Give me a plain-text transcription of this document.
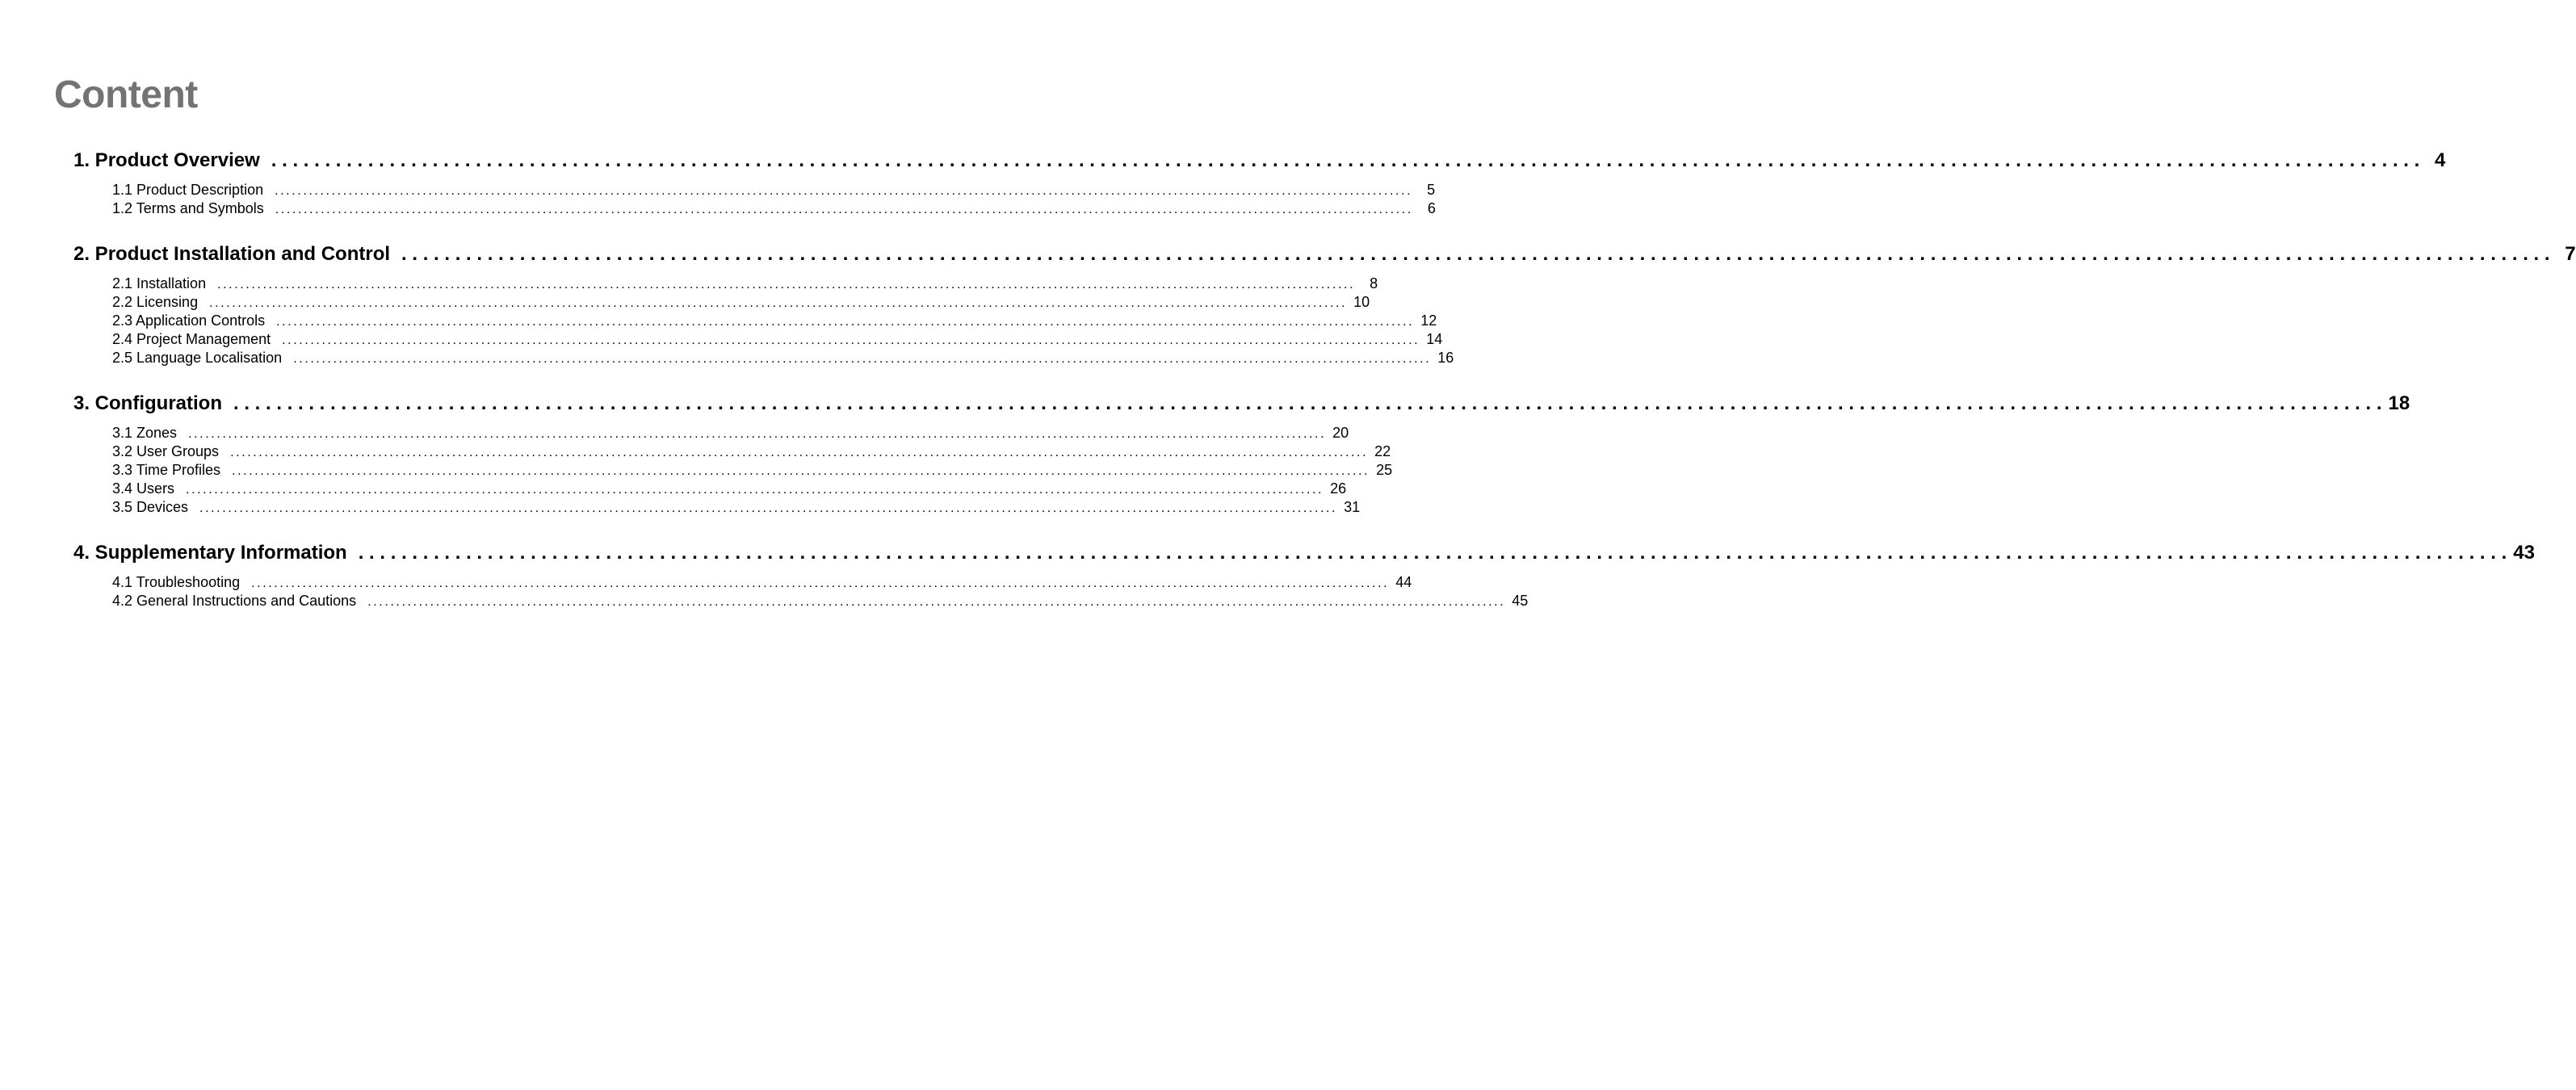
Content
1. Product Overview . . . . . . . . . . . . . . . . . . . . . . . . . . . . . . . . . . . . . . . . . . . . . . . . . . . . . . . . . . . . . . . . . . . . . . . . . . . . . . . . . . . . . . . . . . . . . . . . . . . . . . . . . . . . . . . . . . . . . . . . . . . . . . . . . . . . . . . . . . . . . . . . . . . . . . . . . . . . . . . . . . . . . . . . . . . . . . . . . . . . . . . . . . . . . . . . . . . . . . . . 4
1.1 Product Description ........................................................................................................................................................................................................ 5
1.2 Terms and Symbols ........................................................................................................................................................................................................ 6
2. Product Installation and Control . . . . . . . . . . . . . . . . . . . . . . . . . . . . . . . . . . . . . . . . . . . . . . . . . . . . . . . . . . . . . . . . . . . . . . . . . . . . . . . . . . . . . . . . . . . . . . . . . . . . . . . . . . . . . . . . . . . . . . . . . . . . . . . . . . . . . . . . . . . . . . . . . . . . . . . . . . . . . . . . . . . . . . . . . . . . . . . . . . . . . . . . . . . . . . . . . . . . . . . . 7
2.1 Installation ........................................................................................................................................................................................................ 8
2.2 Licensing ........................................................................................................................................................................................................ 10
2.3 Application Controls ........................................................................................................................................................................................................ 12
2.4 Project Management ........................................................................................................................................................................................................ 14
2.5 Language Localisation ........................................................................................................................................................................................................ 16
3. Configuration . . . . . . . . . . . . . . . . . . . . . . . . . . . . . . . . . . . . . . . . . . . . . . . . . . . . . . . . . . . . . . . . . . . . . . . . . . . . . . . . . . . . . . . . . . . . . . . . . . . . . . . . . . . . . . . . . . . . . . . . . . . . . . . . . . . . . . . . . . . . . . . . . . . . . . . . . . . . . . . . . . . . . . . . . . . . . . . . . . . . . . . . . . . . . . . . . . . . . . . . 18
3.1 Zones ........................................................................................................................................................................................................ 20
3.2 User Groups ........................................................................................................................................................................................................ 22
3.3 Time Profiles ........................................................................................................................................................................................................ 25
3.4 Users ........................................................................................................................................................................................................ 26
3.5 Devices ........................................................................................................................................................................................................ 31
4. Supplementary Information . . . . . . . . . . . . . . . . . . . . . . . . . . . . . . . . . . . . . . . . . . . . . . . . . . . . . . . . . . . . . . . . . . . . . . . . . . . . . . . . . . . . . . . . . . . . . . . . . . . . . . . . . . . . . . . . . . . . . . . . . . . . . . . . . . . . . . . . . . . . . . . . . . . . . . . . . . . . . . . . . . . . . . . . . . . . . . . . . . . . . . . . . . . . . . . . . . . . . . . . 43
4.1 Troubleshooting ........................................................................................................................................................................................................ 44
4.2 General Instructions and Cautions ........................................................................................................................................................................................................ 45
